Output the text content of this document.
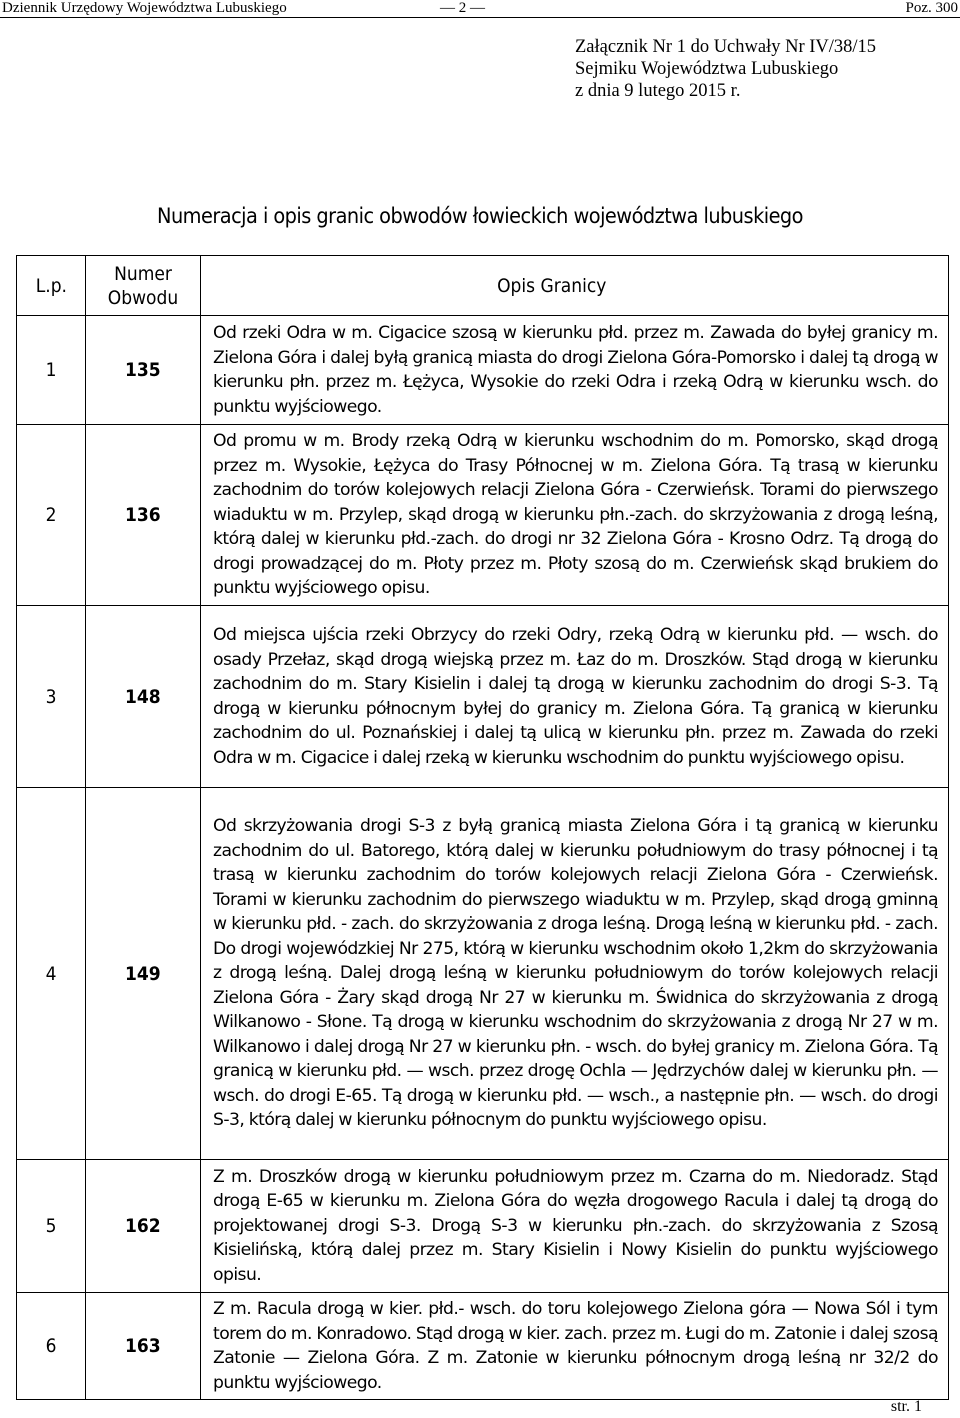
Dziennik Urzędowy Województwa Lubuskiego	— 2 —	Poz. 300
Załącznik Nr 1 do Uchwały Nr IV/38/15
Sejmiku Województwa Lubuskiego
z dnia 9 lutego 2015 r.
Numeracja i opis granic obwodów łowieckich województwa lubuskiego
L.p.	Numer Obwodu	Opis Granicy
1	135	Od rzeki Odra w m. Cigacice szosą w kierunku płd. przez m. Zawada do byłej granicy m. Zielona Góra i dalej byłą granicą miasta do drogi Zielona Góra-Pomorsko i dalej tą drogą w kierunku płn. przez m. Łężyca, Wysokie do rzeki Odra i rzeką Odrą w kierunku wsch. do punktu wyjściowego.
2	136	Od promu w m. Brody rzeką Odrą w kierunku wschodnim do m. Pomorsko, skąd drogą przez m. Wysokie, Łężyca do Trasy Północnej w m. Zielona Góra. Tą trasą w kierunku zachodnim do torów kolejowych relacji Zielona Góra - Czerwieńsk. Torami do pierwszego wiaduktu w m. Przylep, skąd drogą w kierunku płn.-zach. do skrzyżowania z drogą leśną, którą dalej w kierunku płd.-zach. do drogi nr 32 Zielona Góra - Krosno Odrz. Tą drogą do drogi prowadzącej do m. Płoty przez m. Płoty szosą do m. Czerwieńsk skąd brukiem do punktu wyjściowego opisu.
3	148	Od miejsca ujścia rzeki Obrzycy do rzeki Odry, rzeką Odrą w kierunku płd. — wsch. do osady Przełaz, skąd drogą wiejską przez m. Łaz do m. Droszków. Stąd drogą w kierunku zachodnim do m. Stary Kisielin i dalej tą drogą w kierunku zachodnim do drogi S-3. Tą drogą w kierunku północnym byłej do granicy m. Zielona Góra. Tą granicą w kierunku zachodnim do ul. Poznańskiej i dalej tą ulicą w kierunku płn. przez m. Zawada do rzeki Odra w m. Cigacice i dalej rzeką w kierunku wschodnim do punktu wyjściowego opisu.
4	149	Od skrzyżowania drogi S-3 z byłą granicą miasta Zielona Góra i tą granicą w kierunku zachodnim do ul. Batorego, którą dalej w kierunku południowym do trasy północnej i tą trasą w kierunku zachodnim do torów kolejowych relacji Zielona Góra - Czerwieńsk. Torami w kierunku zachodnim do pierwszego wiaduktu w m. Przylep, skąd drogą gminną w kierunku płd. - zach. do skrzyżowania z droga leśną. Drogą leśną w kierunku płd. - zach. Do drogi wojewódzkiej Nr 275, którą w kierunku wschodnim około 1,2km do skrzyżowania z drogą leśną. Dalej drogą leśną w kierunku południowym do torów kolejowych relacji Zielona Góra - Żary skąd drogą Nr 27 w kierunku m. Świdnica do skrzyżowania z drogą Wilkanowo - Słone. Tą drogą w kierunku wschodnim do skrzyżowania z drogą Nr 27 w m. Wilkanowo i dalej drogą Nr 27 w kierunku płn. - wsch. do byłej granicy m. Zielona Góra. Tą granicą w kierunku płd. — wsch. przez drogę Ochla — Jędrzychów dalej w kierunku płn. — wsch. do drogi E-65. Tą drogą w kierunku płd. — wsch., a następnie płn. — wsch. do drogi S-3, którą dalej w kierunku północnym do punktu wyjściowego opisu.
5	162	Z m. Droszków drogą w kierunku południowym przez m. Czarna do m. Niedoradz. Stąd drogą E-65 w kierunku m. Zielona Góra do węzła drogowego Racula i dalej tą drogą do projektowanej drogi S-3. Drogą S-3 w kierunku płn.-zach. do skrzyżowania z Szosą Kisielińską, którą dalej przez m. Stary Kisielin i Nowy Kisielin do punktu wyjściowego opisu.
6	163	Z m. Racula drogą w kier. płd.- wsch. do toru kolejowego Zielona góra — Nowa Sól i tym torem do m. Konradowo. Stąd drogą w kier. zach. przez m. Ługi do m. Zatonie i dalej szosą Zatonie — Zielona Góra. Z m. Zatonie w kierunku północnym drogą leśną nr 32/2 do punktu wyjściowego.
str. 1
